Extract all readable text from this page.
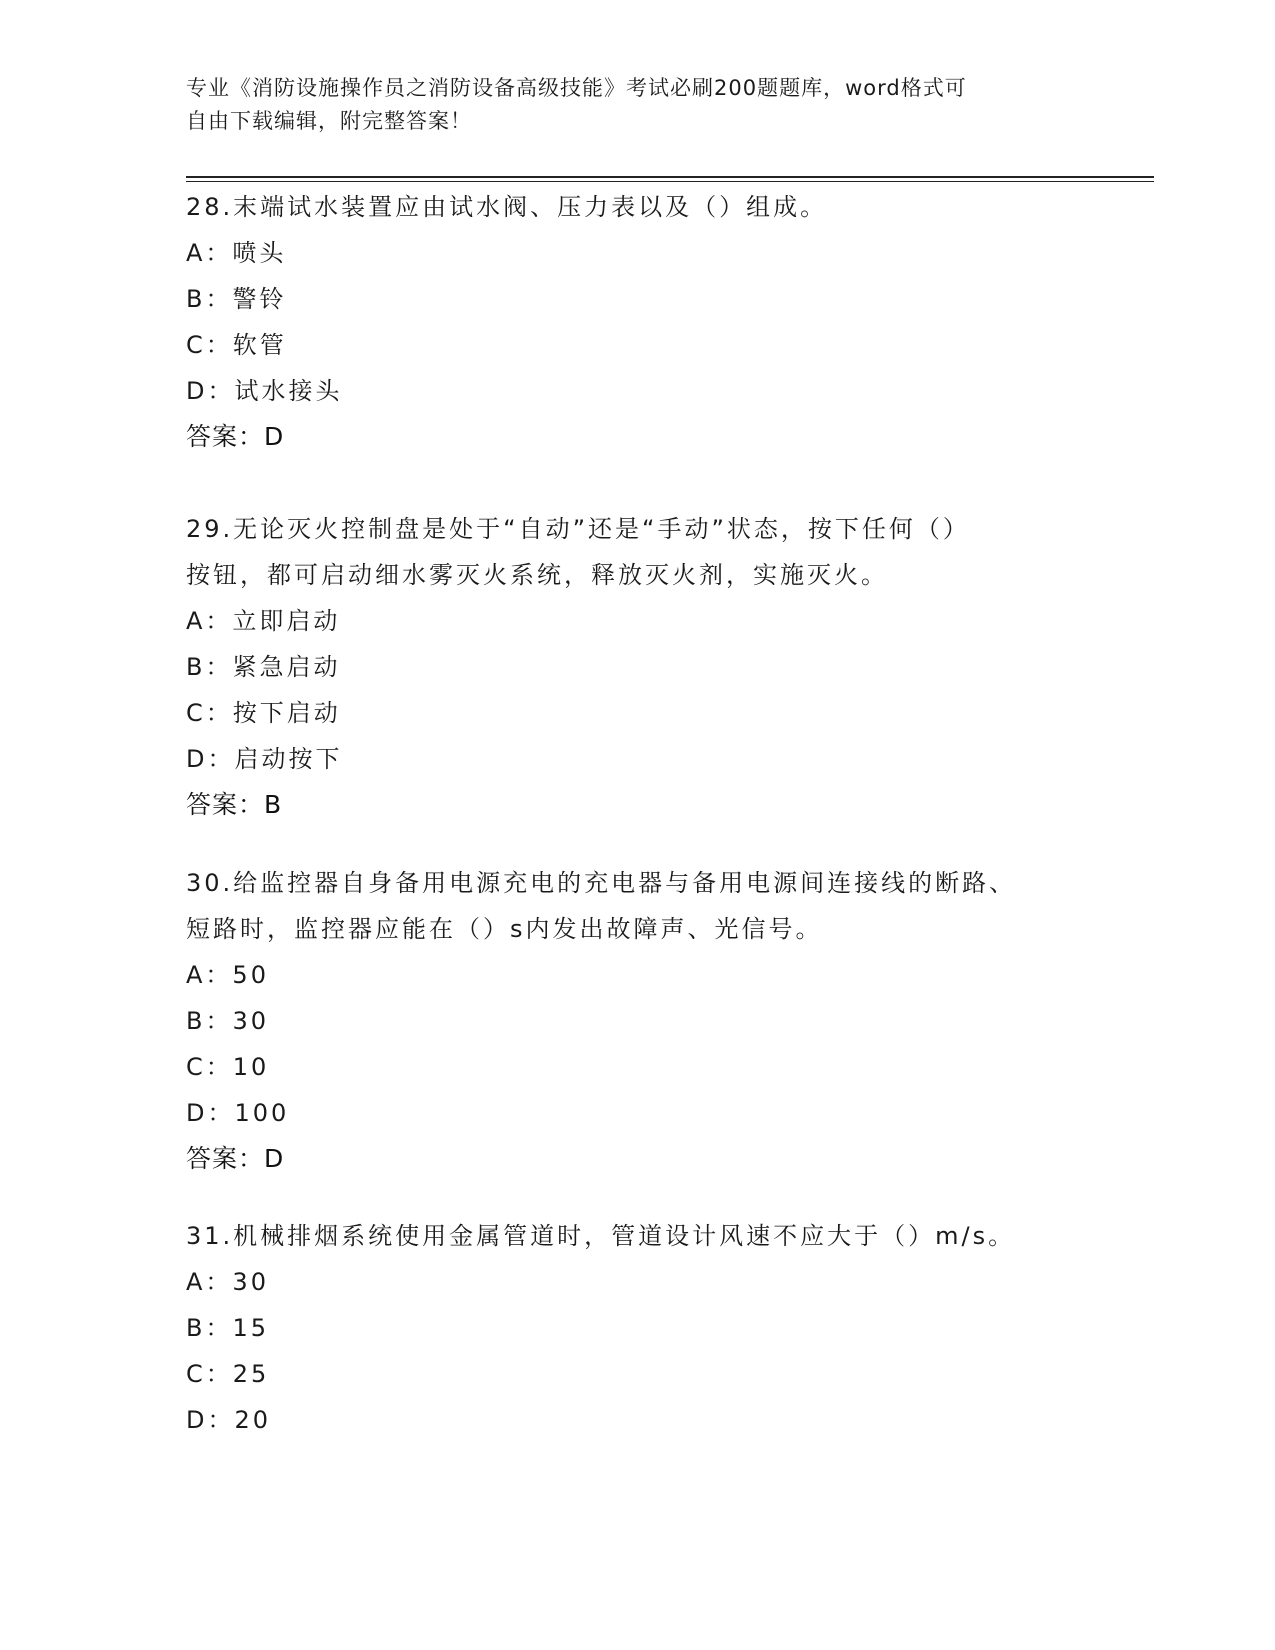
专业《消防设施操作员之消防设备高级技能》考试必刷200题题库，word格式可
自由下载编辑，附完整答案！
28.末端试水装置应由试水阀、压力表以及（）组成。
A：喷头
B：警铃
C：软管
D：试水接头
答案：D
29.无论灭火控制盘是处于“自动”还是“手动”状态，按下任何（）
按钮，都可启动细水雾灭火系统，释放灭火剂，实施灭火。
A：立即启动
B：紧急启动
C：按下启动
D：启动按下
答案：B
30.给监控器自身备用电源充电的充电器与备用电源间连接线的断路、
短路时，监控器应能在（）s内发出故障声、光信号。
A：50
B：30
C：10
D：100
答案：D
31.机械排烟系统使用金属管道时，管道设计风速不应大于（）m/s。
A：30
B：15
C：25
D：20
